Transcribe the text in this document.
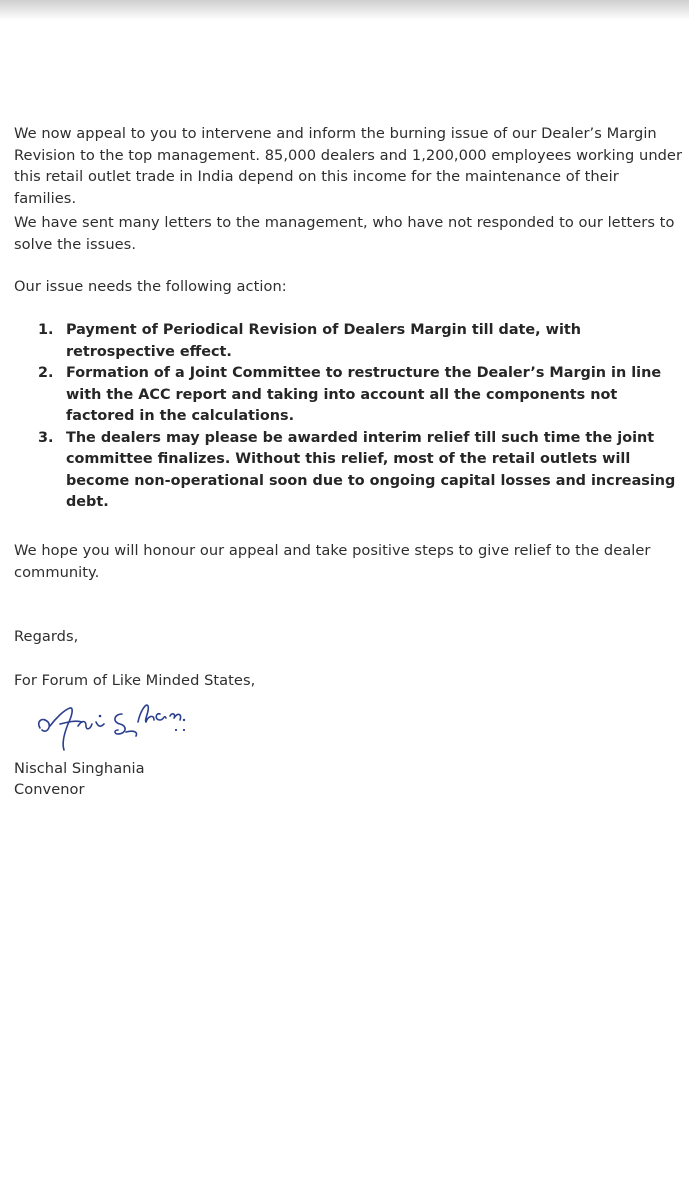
We now appeal to you to intervene and inform the burning issue of our Dealer’s Margin Revision to the top management. 85,000 dealers and 1,200,000 employees working under this retail outlet trade in India depend on this income for the maintenance of their families.
We have sent many letters to the management, who have not responded to our letters to solve the issues.
Our issue needs the following action:
1. Payment of Periodical Revision of Dealers Margin till date, with retrospective effect.
2. Formation of a Joint Committee to restructure the Dealer’s Margin in line with the ACC report and taking into account all the components not factored in the calculations.
3. The dealers may please be awarded interim relief till such time the joint committee finalizes. Without this relief, most of the retail outlets will become non-operational soon due to ongoing capital losses and increasing debt.
We hope you will honour our appeal and take positive steps to give relief to the dealer community.
Regards,
For Forum of Like Minded States,
Nischal Singhania
Convenor
